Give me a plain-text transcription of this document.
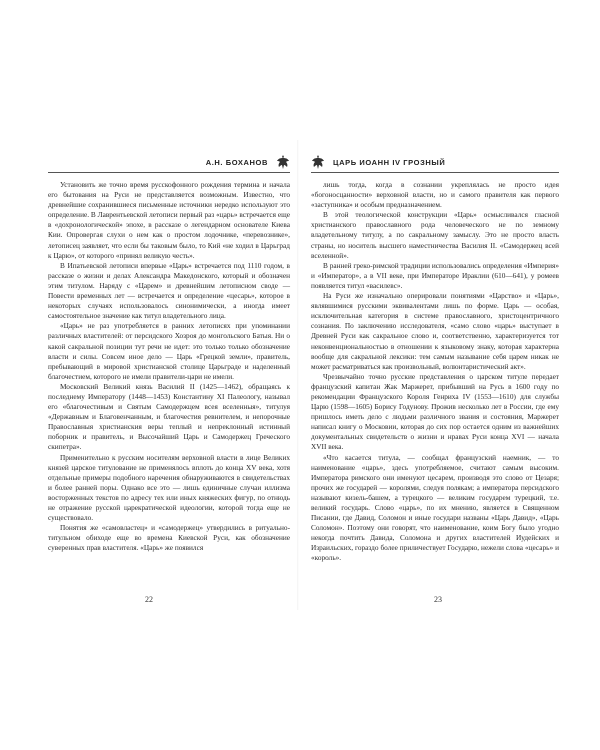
А.Н. БОХАНОВ

Установить же точно время русскофонного рождения термина и начала его бытования на Руси не представляется возможным. Известно, что древнейшие сохранившиеся письменные источники нередко используют это определение. В Лаврентьевской летописи первый раз «царь» встречается еще в «дохронологической» эпохе, в рассказе о легендарном основателе Киева Кии. Опровергая слухи о нем как о простом лодочнике, «перевознике», летописец заявляет, что если бы таковым было, то Кий «не ходил в Царьград к Царю», от которого «принял великую честь».

В Ипатьевской летописи впервые «Царь» встречается под 1110 годом, в рассказе о жизни и делах Александра Македонского, который и обозначен этим титулом. Наряду с «Царем» и древнейшим летописном своде — Повести временных лет — встречается и определение «цесарь», которое в некоторых случаях использовалось синонимически, а иногда имеет самостоятельное значение как титул владетельного лица.

«Царь» не раз употребляется в ранних летописях при упоминании различных властителей: от персидского Хозроя до монгольского Батыя. Ни о какой сакральной позиции тут речи не идет: это только только обозначение власти и силы. Совсем иное дело — Царь «Грецкой земли», правитель, пребывающий в мировой христианской столице Царьграде и наделенный благочестием, которого не имели правители-цари не имели.

Московский Великий князь Василий II (1425—1462), обращаясь к последнему Императору (1448—1453) Константину XI Палеологу, называл его «благочестивым и Святым Самодержцем всея вселенныя», титулуя «Державным и Благовенчанным, и благочестия ревнителем, и непорочные Православныя христианския веры теплый и непреклонный истинный поборник и правитель, и Высочайший Царь и Самодержец Греческого скипетра».

Применительно к русским носителям верховной власти в лице Великих князей царское титулование не применялось вплоть до конца XV века, хотя отдельные примеры подобного наречения обнаруживаются в свидетельствах и более ранней поры. Однако все это — лишь единичные случаи иллизма восторженных текстов по адресу тех или иных княжеских фигур, по отнюдь не отражение русской царекратической идеологии, которой тогда еще не существовало.

Понятия же «самовластец» и «самодержец» утвердились в ритуально-титульном обиходе еще во времена Киевской Руси, как обозначение суверенных прав властителя. «Царь» же появился

ЦАРЬ ИОАНН IV ГРОЗНЫЙ

лишь тогда, когда в сознании укреплялась не просто идея «богоносцанности» верховной власти, но и самого правителя как первого «заступника» и особым предназначением.

В этой теологической конструкции «Царь» осмысливался гласной христианского православного рода человеческого не по земному владетельному титулу, а по сакральному замыслу. Это не просто власть страны, но носитель высшего наместничества Василия II. «Самодержец всей вселенной».

В ранней греко-римской традиции использовались определения «Империя» и «Император», а в VII веке, при Императоре Ираклии (610—641), у ромеев появляется титул «василевс».

На Руси же изначально оперировали понятиями «Царство» и «Царь», являвшимися русскими эквивалентами лишь по форме. Царь — особая, исключительная категория в системе православного, христоцентричного сознания. По заключению исследователя, «само слово «царь» выступает в Древней Руси как сакральное слово и, соответственно, характеризуется тот неконвенциональностью в отношении к языковому знаку, которая характерна вообще для сакральной лексики: тем самым называние себя царем никак не может расматриваться как произвольный, волюнтаристический акт».

Чрезвычайно точно русские представления о царском титуле передает французский капитан Жак Маржерет, прибывший на Русь в 1600 году по рекомендации Французского Короля Генриха IV (1553—1610) для службы Царю (1598—1605) Борису Годунову. Прожив несколько лет в России, где ему пришлось иметь дело с людьми различного звания и состояния, Маржерет написал книгу о Московии, которая до сих пор остается одним из важнейших документальных свидетельств о жизни и нравах Руси конца XVI — начала XVII века.

«Что касается титула, — сообщал французский наемник, — то наименование «царь», здесь употребляемое, считают самым высоким. Императора римского они именуют цесарем, производя это слово от Цезаря; прочих же государей — королями, следуя полякам; а императора персидского называют кизель-башем, а турецкого — великим государем турецкий, т.е. великий государь. Слово «царь», по их мнению, является в Священном Писании, где Давид, Соломон и иные государи названы «Царь Давид», «Царь Соломон». Поэтому они говорят, что наименование, коим Богу было угодно некогда почтить Давида, Соломона и других властителей Иудейских и Израильских, гораздо более приличествует Государю, нежели слова «цесарь» и «король».

22	23
